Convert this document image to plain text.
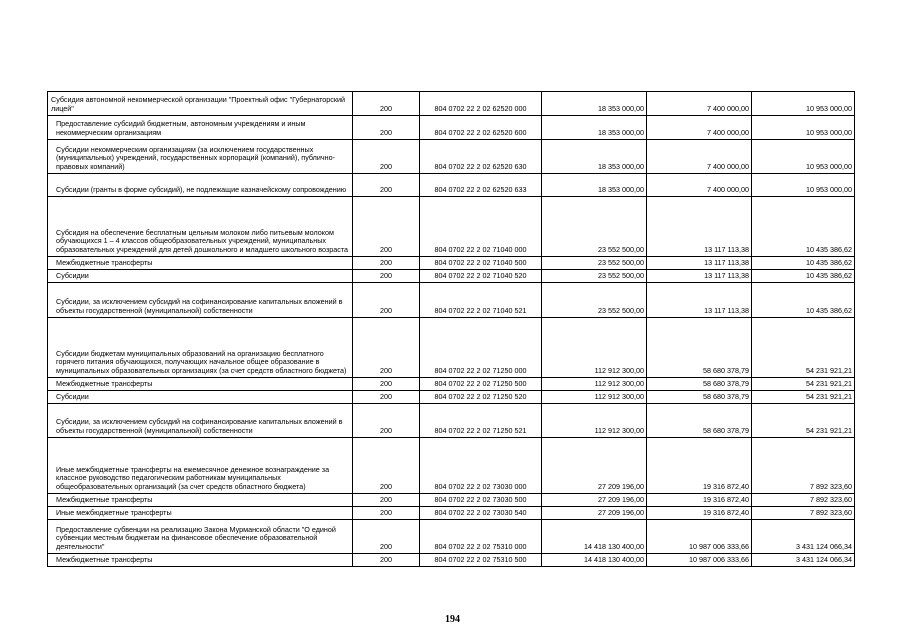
Субсидия автономной некоммерческой организации "Проектный офис "Губернаторский лицей"	200	804 0702 22 2 02 62520 000	18 353 000,00	7 400 000,00	10 953 000,00
Предоставление субсидий бюджетным, автономным учреждениям и иным некоммерческим организациям	200	804 0702 22 2 02 62520 600	18 353 000,00	7 400 000,00	10 953 000,00
Субсидии некоммерческим организациям (за исключением государственных (муниципальных) учреждений, государственных корпораций (компаний), публично-правовых компаний)	200	804 0702 22 2 02 62520 630	18 353 000,00	7 400 000,00	10 953 000,00
Субсидии (гранты в форме субсидий), не подлежащие казначейскому сопровождению	200	804 0702 22 2 02 62520 633	18 353 000,00	7 400 000,00	10 953 000,00
Субсидия на обеспечение бесплатным цельным молоком либо питьевым молоком обучающихся 1 – 4 классов общеобразовательных учреждений, муниципальных образовательных учреждений для детей дошкольного и младшего школьного возраста	200	804 0702 22 2 02 71040 000	23 552 500,00	13 117 113,38	10 435 386,62
Межбюджетные трансферты	200	804 0702 22 2 02 71040 500	23 552 500,00	13 117 113,38	10 435 386,62
Субсидии	200	804 0702 22 2 02 71040 520	23 552 500,00	13 117 113,38	10 435 386,62
Субсидии, за исключением субсидий на софинансирование капитальных вложений в объекты государственной (муниципальной) собственности	200	804 0702 22 2 02 71040 521	23 552 500,00	13 117 113,38	10 435 386,62
Субсидии бюджетам муниципальных образований на организацию бесплатного горячего питания обучающихся, получающих начальное общее образование в муниципальных образовательных организациях (за счет средств областного бюджета)	200	804 0702 22 2 02 71250 000	112 912 300,00	58 680 378,79	54 231 921,21
Межбюджетные трансферты	200	804 0702 22 2 02 71250 500	112 912 300,00	58 680 378,79	54 231 921,21
Субсидии	200	804 0702 22 2 02 71250 520	112 912 300,00	58 680 378,79	54 231 921,21
Субсидии, за исключением субсидий на софинансирование капитальных вложений в объекты государственной (муниципальной) собственности	200	804 0702 22 2 02 71250 521	112 912 300,00	58 680 378,79	54 231 921,21
Иные межбюджетные трансферты на ежемесячное денежное вознаграждение за классное руководство педагогическим работникам муниципальных общеобразовательных организаций (за счет средств областного бюджета)	200	804 0702 22 2 02 73030 000	27 209 196,00	19 316 872,40	7 892 323,60
Межбюджетные трансферты	200	804 0702 22 2 02 73030 500	27 209 196,00	19 316 872,40	7 892 323,60
Иные межбюджетные трансферты	200	804 0702 22 2 02 73030 540	27 209 196,00	19 316 872,40	7 892 323,60
Предоставление субвенции на реализацию Закона Мурманской области "О единой субвенции местным бюджетам на финансовое обеспечение образовательной деятельности"	200	804 0702 22 2 02 75310 000	14 418 130 400,00	10 987 006 333,66	3 431 124 066,34
Межбюджетные трансферты	200	804 0702 22 2 02 75310 500	14 418 130 400,00	10 987 006 333,66	3 431 124 066,34
194
